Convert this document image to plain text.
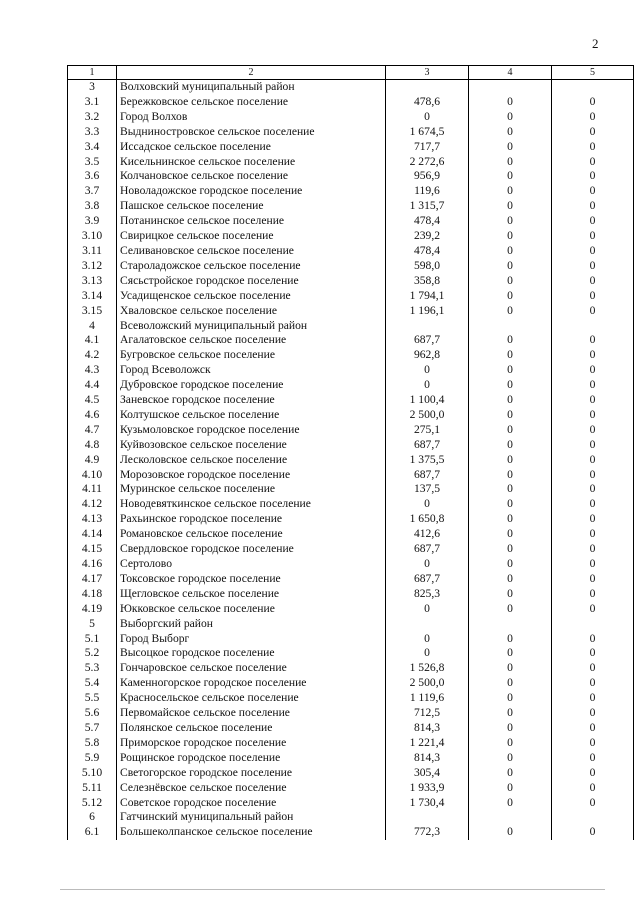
2
1	2	3	4	5
3	Волховский муниципальный район			
3.1	Бережковское сельское поселение	478,6	0	0
3.2	Город Волхов	0	0	0
3.3	Выдниностровское сельское поселение	1 674,5	0	0
3.4	Иссадское сельское поселение	717,7	0	0
3.5	Кисельнинское сельское поселение	2 272,6	0	0
3.6	Колчановское сельское поселение	956,9	0	0
3.7	Новоладожское городское поселение	119,6	0	0
3.8	Пашское сельское поселение	1 315,7	0	0
3.9	Потанинское сельское поселение	478,4	0	0
3.10	Свирицкое сельское поселение	239,2	0	0
3.11	Селивановское сельское поселение	478,4	0	0
3.12	Староладожское сельское поселение	598,0	0	0
3.13	Сясьстройское городское поселение	358,8	0	0
3.14	Усадищенское сельское поселение	1 794,1	0	0
3.15	Хваловское сельское поселение	1 196,1	0	0
4	Всеволожский муниципальный район			
4.1	Агалатовское сельское поселение	687,7	0	0
4.2	Бугровское сельское поселение	962,8	0	0
4.3	Город Всеволожск	0	0	0
4.4	Дубровское городское поселение	0	0	0
4.5	Заневское городское поселение	1 100,4	0	0
4.6	Колтушское сельское поселение	2 500,0	0	0
4.7	Кузьмоловское городское поселение	275,1	0	0
4.8	Куйвозовское сельское поселение	687,7	0	0
4.9	Лесколовское сельское поселение	1 375,5	0	0
4.10	Морозовское городское поселение	687,7	0	0
4.11	Муринское сельское поселение	137,5	0	0
4.12	Новодевяткинское сельское поселение	0	0	0
4.13	Рахьинское городское поселение	1 650,8	0	0
4.14	Романовское сельское поселение	412,6	0	0
4.15	Свердловское городское поселение	687,7	0	0
4.16	Сертолово	0	0	0
4.17	Токсовское городское поселение	687,7	0	0
4.18	Щегловское сельское поселение	825,3	0	0
4.19	Юкковское сельское поселение	0	0	0
5	Выборгский район			
5.1	Город Выборг	0	0	0
5.2	Высоцкое городское поселение	0	0	0
5.3	Гончаровское сельское поселение	1 526,8	0	0
5.4	Каменногорское городское поселение	2 500,0	0	0
5.5	Красносельское сельское поселение	1 119,6	0	0
5.6	Первомайское сельское поселение	712,5	0	0
5.7	Полянское сельское поселение	814,3	0	0
5.8	Приморское городское поселение	1 221,4	0	0
5.9	Рощинское городское поселение	814,3	0	0
5.10	Светогорское городское поселение	305,4	0	0
5.11	Селезнёвское сельское поселение	1 933,9	0	0
5.12	Советское городское поселение	1 730,4	0	0
6	Гатчинский муниципальный район			
6.1	Большеколпанское сельское поселение	772,3	0	0
